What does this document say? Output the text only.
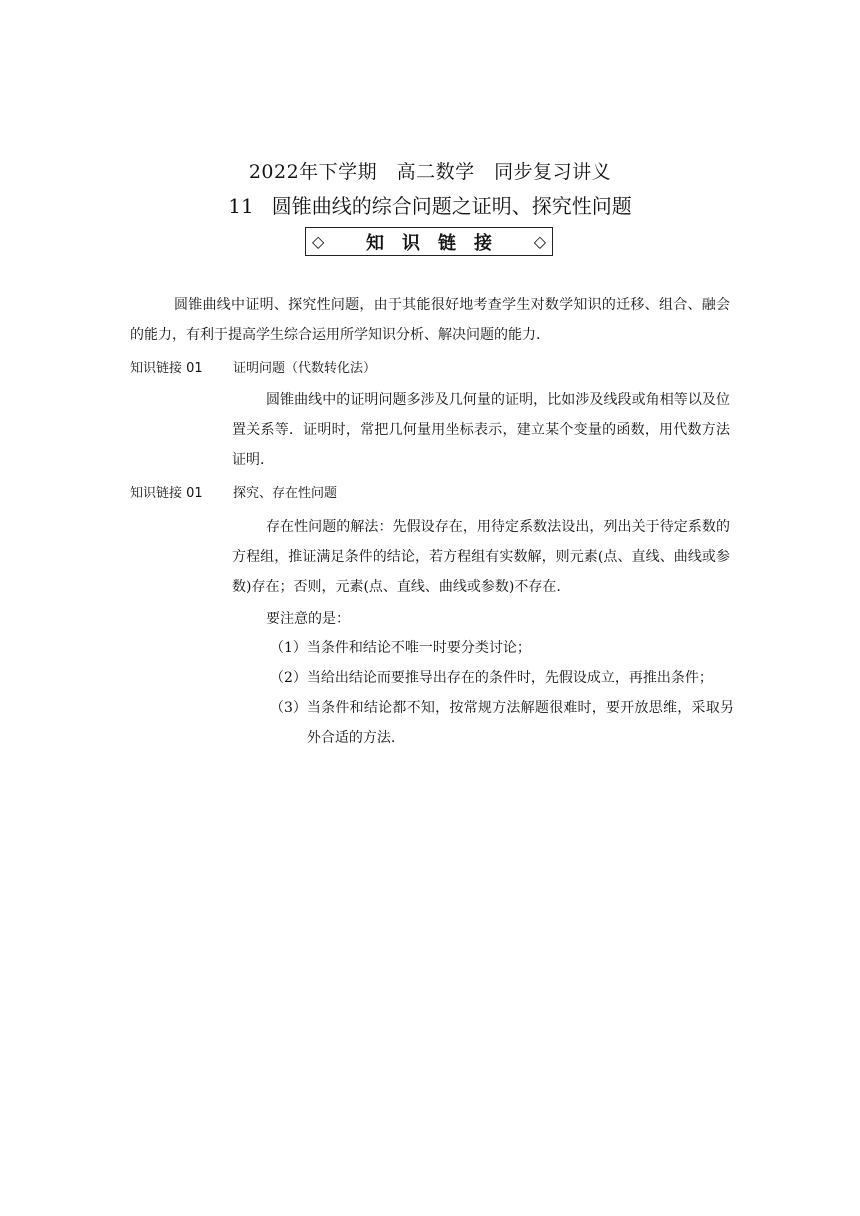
2022年下学期　高二数学　同步复习讲义
11 圆锥曲线的综合问题之证明、探究性问题
◇ 知识链接 ◇
圆锥曲线中证明、探究性问题，由于其能很好地考查学生对数学知识的迁移、组合、融会的能力，有利于提高学生综合运用所学知识分析、解决问题的能力.
知识链接 01 证明问题（代数转化法）
圆锥曲线中的证明问题多涉及几何量的证明，比如涉及线段或角相等以及位置关系等．证明时，常把几何量用坐标表示，建立某个变量的函数，用代数方法证明.
知识链接 01 探究、存在性问题
存在性问题的解法：先假设存在，用待定系数法设出，列出关于待定系数的方程组，推证满足条件的结论，若方程组有实数解，则元素(点、直线、曲线或参数)存在；否则，元素(点、直线、曲线或参数)不存在.
要注意的是：
（1） 当条件和结论不唯一时要分类讨论；
（2） 当给出结论而要推导出存在的条件时，先假设成立，再推出条件；
（3） 当条件和结论都不知，按常规方法解题很难时，要开放思维，采取另外合适的方法.
